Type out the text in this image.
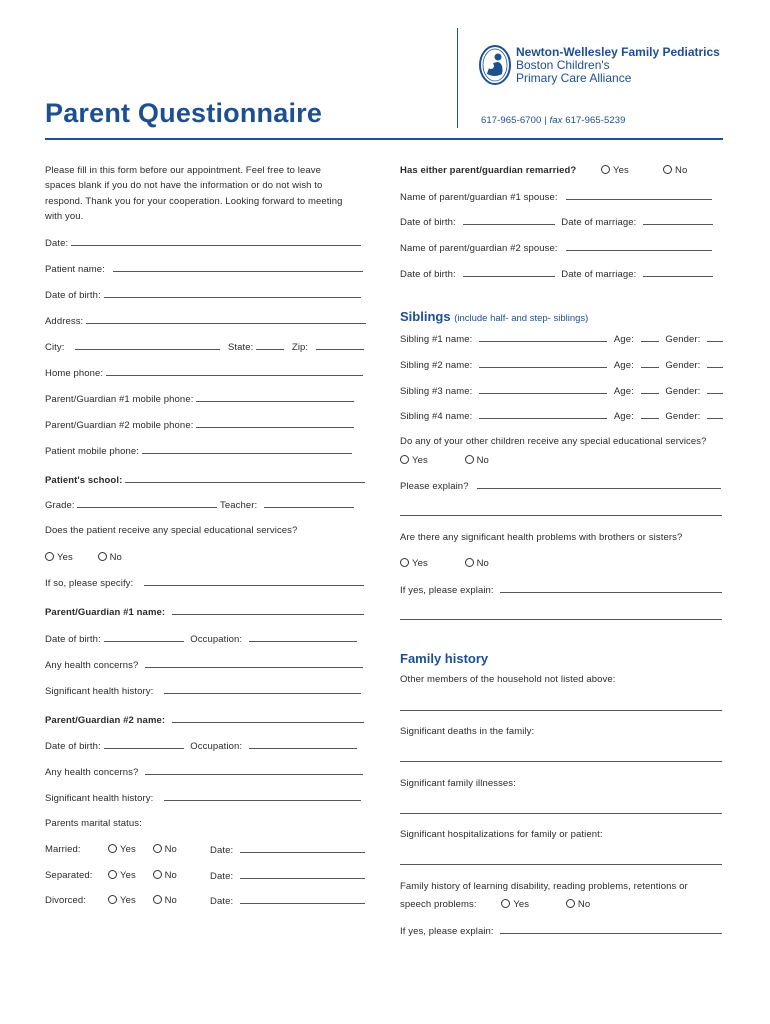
Newton-Wellesley Family Pediatrics
Boston Children's
Primary Care Alliance
Parent Questionnaire	617-965-6700 | fax 617-965-5239
Please fill in this form before our appointment. Feel free to leave
spaces blank if you do not have the information or do not wish to
respond. Thank you for your cooperation. Looking forward to meeting
with you.
Date:
Patient name:
Date of birth:
Address:
City:	State:	Zip:
Home phone:
Parent/Guardian #1 mobile phone:
Parent/Guardian #2 mobile phone:
Patient mobile phone:
Patient's school:
Grade:	Teacher:
Does the patient receive any special educational services?
Yes	No
If so, please specify:
Parent/Guardian #1 name:
Date of birth:	Occupation:
Any health concerns?
Significant health history:
Parent/Guardian #2 name:
Date of birth:	Occupation:
Any health concerns?
Significant health history:
Parents marital status:
Married:	Yes	No	Date:
Separated:	Yes	No	Date:
Divorced:	Yes	No	Date:
Has either parent/guardian remarried?	Yes	No
Name of parent/guardian #1 spouse:
Date of birth:	Date of marriage:
Name of parent/guardian #2 spouse:
Date of birth:	Date of marriage:
Siblings (include half- and step- siblings)
Sibling #1 name:	Age:	Gender:
Sibling #2 name:	Age:	Gender:
Sibling #3 name:	Age:	Gender:
Sibling #4 name:	Age:	Gender:
Do any of your other children receive any special educational services?
Yes	No
Please explain?
Are there any significant health problems with brothers or sisters?
Yes	No
If yes, please explain:
Family history
Other members of the household not listed above:
Significant deaths in the family:
Significant family illnesses:
Significant hospitalizations for family or patient:
Family history of learning disability, reading problems, retentions or
speech problems:	Yes	No
If yes, please explain:
